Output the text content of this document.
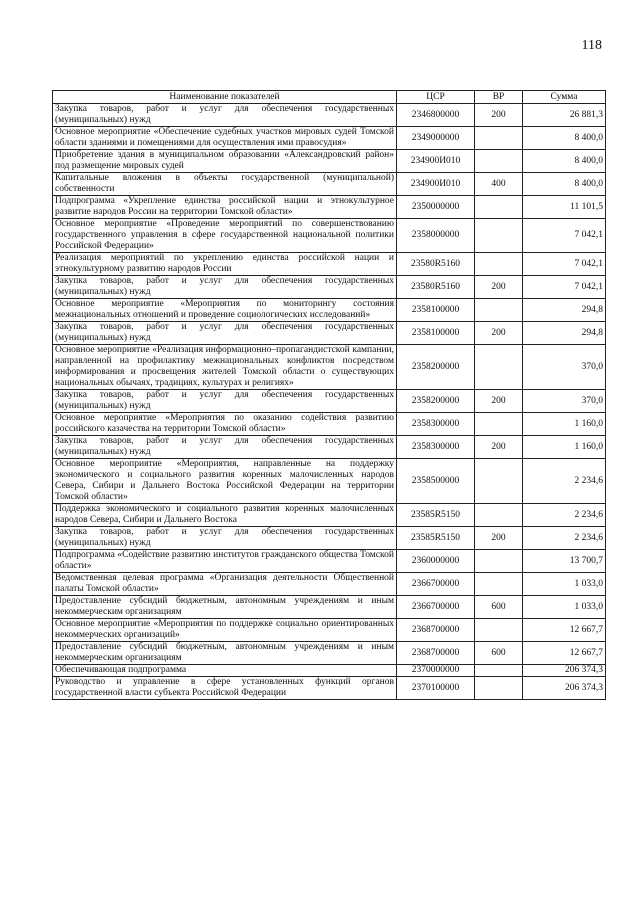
118
Наименование показателей	ЦСР	ВР	Сумма
Закупка товаров, работ и услуг для обеспечения государственных (муниципальных) нужд	2346800000	200	26 881,3
Основное мероприятие «Обеспечение судебных участков мировых судей Томской области зданиями и помещениями для осуществления ими правосудия»	2349000000		8 400,0
Приобретение здания в муниципальном образовании «Александровский район» под размещение мировых судей	234900И010		8 400,0
Капитальные вложения в объекты государственной (муниципальной) собственности	234900И010	400	8 400,0
Подпрограмма «Укрепление единства российской нации и этнокультурное развитие народов России на территории Томской области»	2350000000		11 101,5
Основное мероприятие «Проведение мероприятий по совершенствованию государственного управления в сфере государственной национальной политики Российской Федерации»	2358000000		7 042,1
Реализация мероприятий по укреплению единства российской нации и этнокультурному развитию народов России	23580R5160		7 042,1
Закупка товаров, работ и услуг для обеспечения государственных (муниципальных) нужд	23580R5160	200	7 042,1
Основное мероприятие «Мероприятия по мониторингу состояния межнациональных отношений и проведение социологических исследований»	2358100000		294,8
Закупка товаров, работ и услуг для обеспечения государственных (муниципальных) нужд	2358100000	200	294,8
Основное мероприятие «Реализация информационно–пропагандистской кампании, направленной на профилактику межнациональных конфликтов посредством информирования и просвещения жителей Томской области о существующих национальных обычаях, традициях, культурах и религиях»	2358200000		370,0
Закупка товаров, работ и услуг для обеспечения государственных (муниципальных) нужд	2358200000	200	370,0
Основное мероприятие «Мероприятия по оказанию содействия развитию российского казачества на территории Томской области»	2358300000		1 160,0
Закупка товаров, работ и услуг для обеспечения государственных (муниципальных) нужд	2358300000	200	1 160,0
Основное мероприятие «Мероприятия, направленные на поддержку экономического и социального развития коренных малочисленных народов Севера, Сибири и Дальнего Востока Российской Федерации на территории Томской области»	2358500000		2 234,6
Поддержка экономического и социального развития коренных малочисленных народов Севера, Сибири и Дальнего Востока	23585R5150		2 234,6
Закупка товаров, работ и услуг для обеспечения государственных (муниципальных) нужд	23585R5150	200	2 234,6
Подпрограмма «Содействие развитию институтов гражданского общества Томской области»	2360000000		13 700,7
Ведомственная целевая программа «Организация деятельности Общественной палаты Томской области»	2366700000		1 033,0
Предоставление субсидий бюджетным, автономным учреждениям и иным некоммерческим организациям	2366700000	600	1 033,0
Основное мероприятие «Мероприятия по поддержке социально ориентированных некоммерческих организаций»	2368700000		12 667,7
Предоставление субсидий бюджетным, автономным учреждениям и иным некоммерческим организациям	2368700000	600	12 667,7
Обеспечивающая подпрограмма	2370000000		206 374,3
Руководство и управление в сфере установленных функций органов государственной власти субъекта Российской Федерации	2370100000		206 374,3
